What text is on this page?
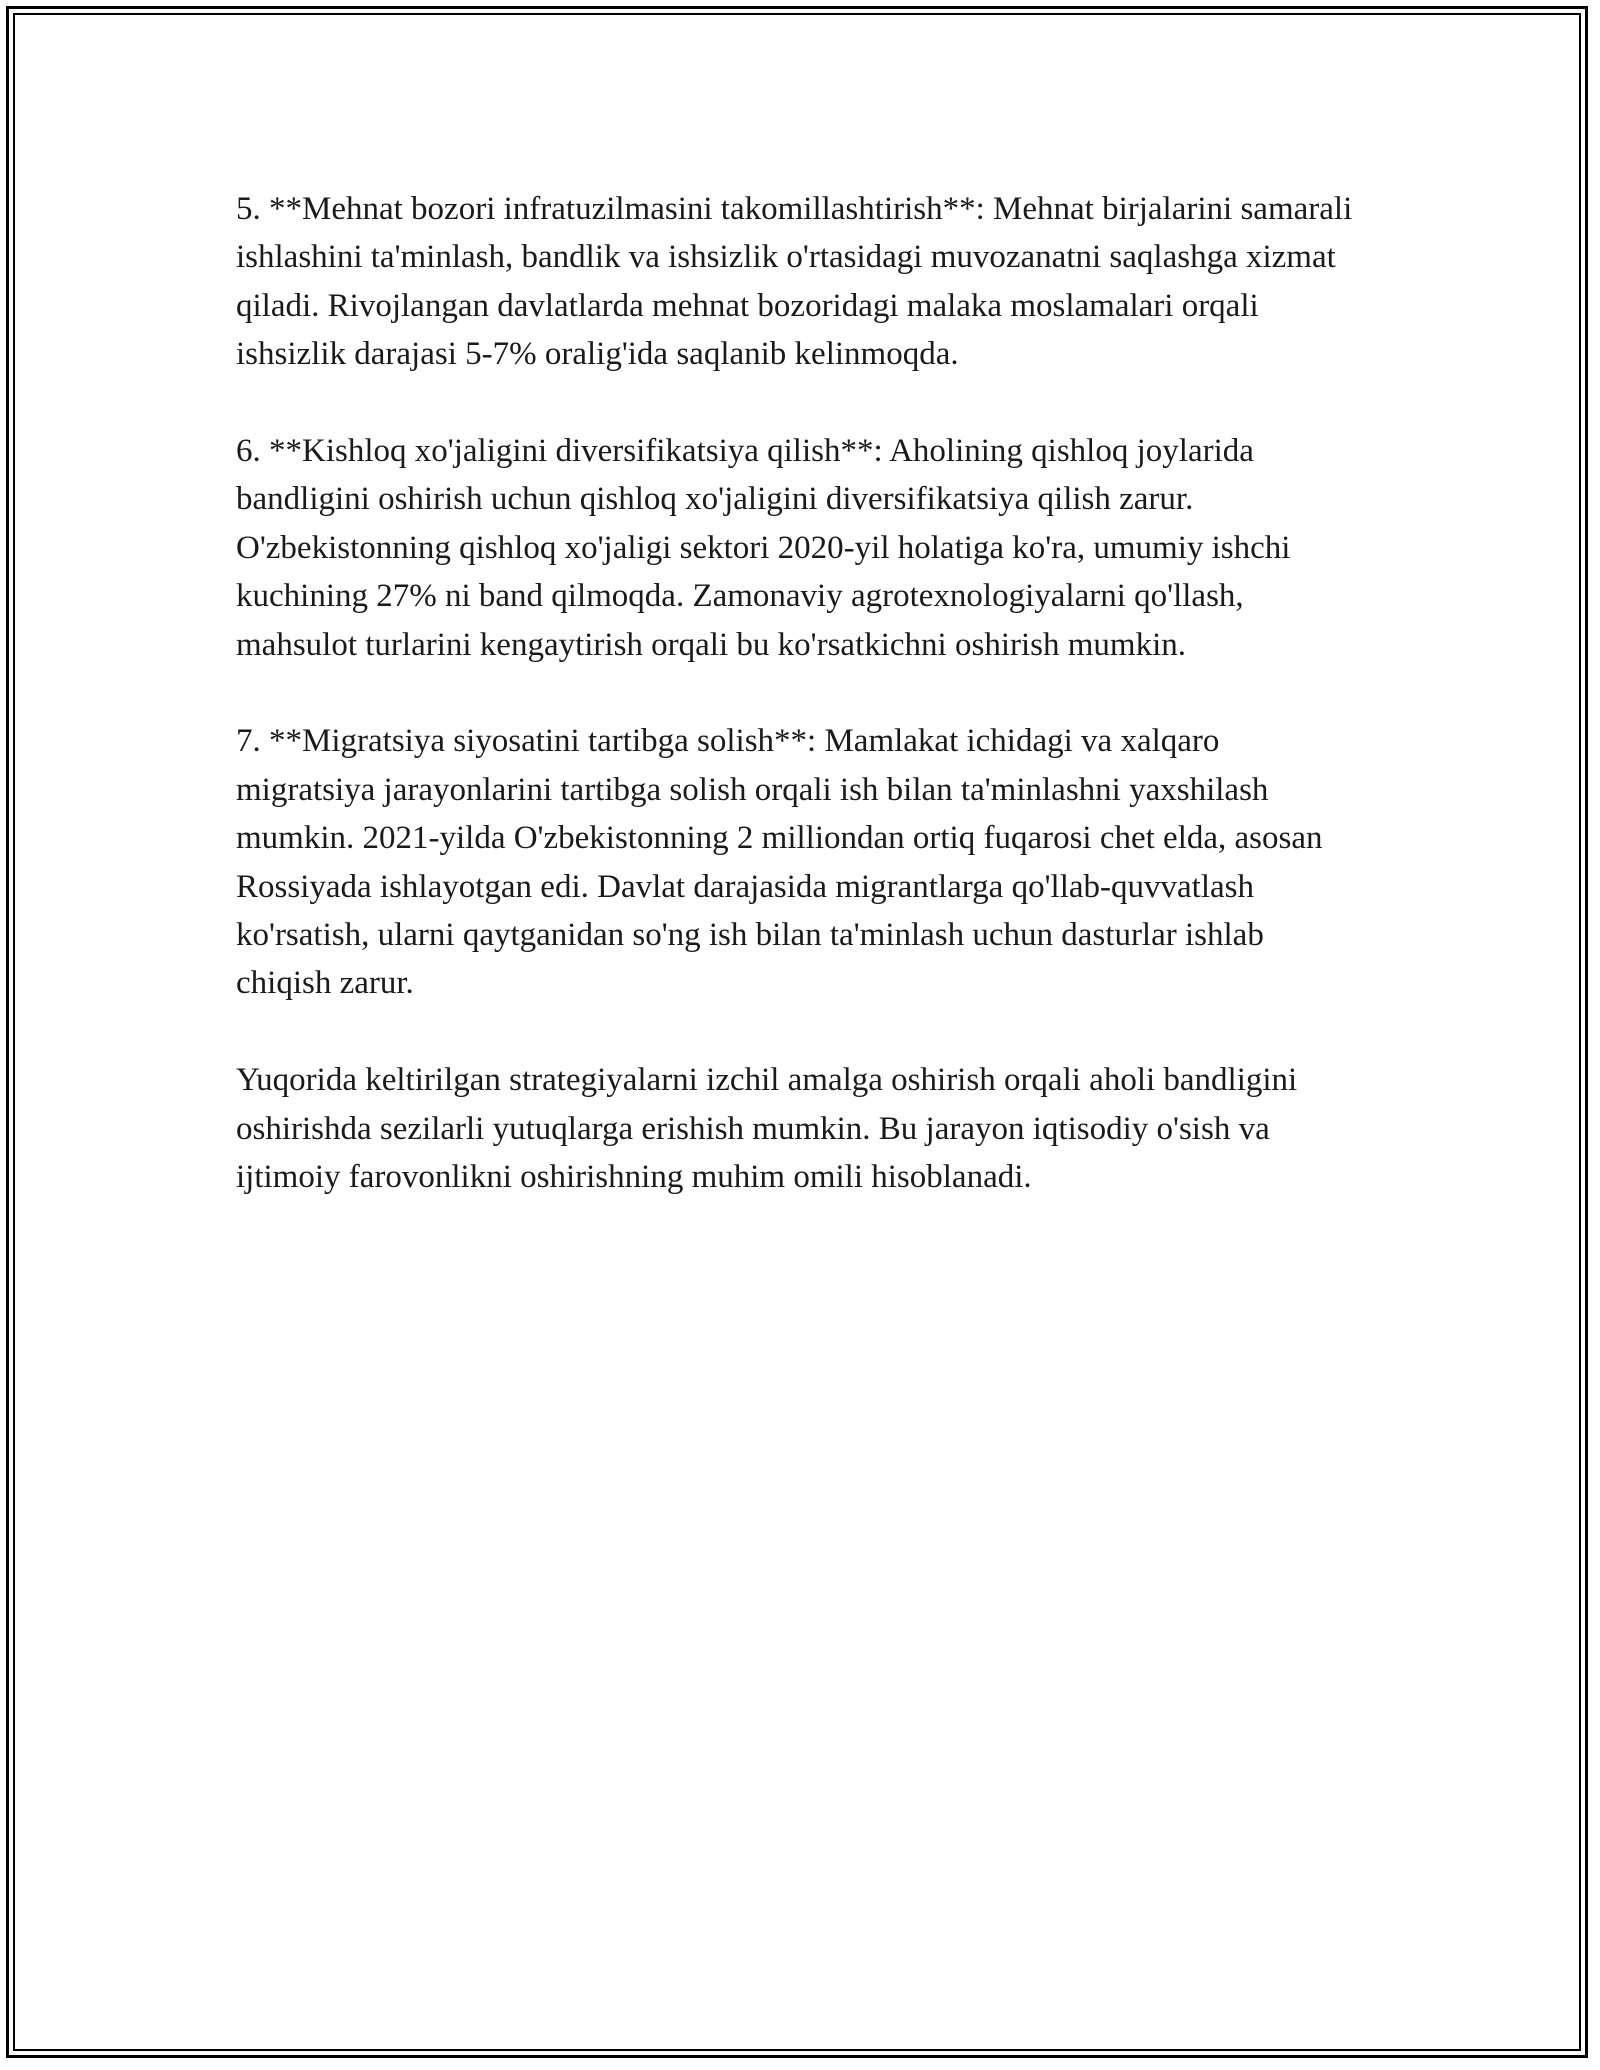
5. **Mehnat bozori infratuzilmasini takomillashtirish**: Mehnat birjalarini samarali ishlashini ta'minlash, bandlik va ishsizlik o'rtasidagi muvozanatni saqlashga xizmat qiladi. Rivojlangan davlatlarda mehnat bozoridagi malaka moslamalari orqali ishsizlik darajasi 5-7% oralig'ida saqlanib kelinmoqda.

6. **Kishloq xo'jaligini diversifikatsiya qilish**: Aholining qishloq joylarida bandligini oshirish uchun qishloq xo'jaligini diversifikatsiya qilish zarur. O'zbekistonning qishloq xo'jaligi sektori 2020-yil holatiga ko'ra, umumiy ishchi kuchining 27% ni band qilmoqda. Zamonaviy agrotexnologiyalarni qo'llash, mahsulot turlarini kengaytirish orqali bu ko'rsatkichni oshirish mumkin.

7. **Migratsiya siyosatini tartibga solish**: Mamlakat ichidagi va xalqaro migratsiya jarayonlarini tartibga solish orqali ish bilan ta'minlashni yaxshilash mumkin. 2021-yilda O'zbekistonning 2 milliondan ortiq fuqarosi chet elda, asosan Rossiyada ishlayotgan edi. Davlat darajasida migrantlarga qo'llab-quvvatlash ko'rsatish, ularni qaytganidan so'ng ish bilan ta'minlash uchun dasturlar ishlab chiqish zarur.

Yuqorida keltirilgan strategiyalarni izchil amalga oshirish orqali aholi bandligini oshirishda sezilarli yutuqlarga erishish mumkin. Bu jarayon iqtisodiy o'sish va ijtimoiy farovonlikni oshirishning muhim omili hisoblanadi.
